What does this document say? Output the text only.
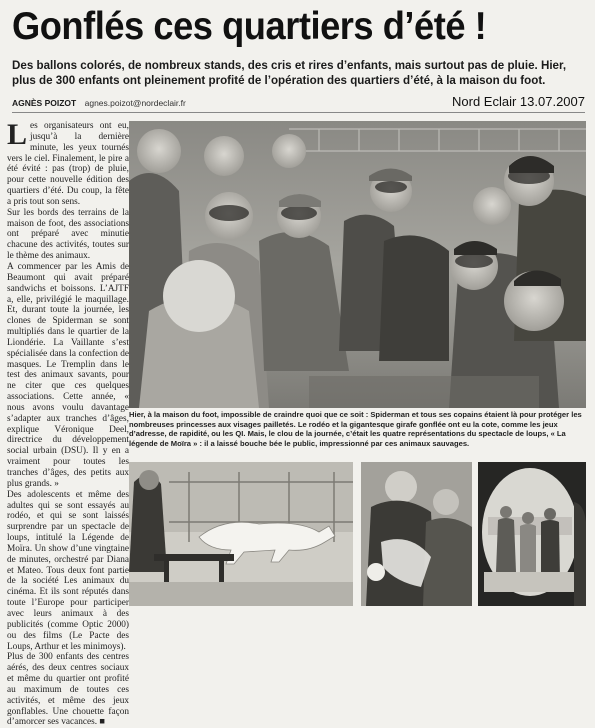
Gonflés ces quartiers d’été !
Des ballons colorés, de nombreux stands, des cris et rires d’enfants, mais surtout pas de pluie. Hier,
plus de 300 enfants ont pleinement profité de l’opération des quartiers d’été, à la maison du foot.
AGNÈS POIZOT agnes.poizot@nordeclair.fr	Nord Eclair 13.07.2007

L es organisateurs ont eu, jusqu’à la dernière minute, les yeux tournés vers le ciel. Finalement, le pire a été évité : pas (trop) de pluie, pour cette nouvelle édition des quartiers d’été. Du coup, la fête a pris tout son sens.

Sur les bords des terrains de la maison de foot, des associations ont préparé avec minutie chacune des activités, toutes sur le thème des animaux.

A commencer par les Amis de Beaumont qui avait préparé sandwichs et boissons. L’AJTF a, elle, privilégié le maquillage. Et, durant toute la journée, les clones de Spiderman se sont multipliés dans le quartier de la Liondérie. La Vaillante s’est spécialisée dans la confection de masques. Le Tremplin dans le test des animaux savants, pour ne citer que ces quelques associations. Cette année, « nous avons voulu davantage s’adapter aux tranches d’âges, explique Véronique Deel, directrice du développement social urbain (DSU). Il y en a vraiment pour toutes les tranches d’âges, des petits aux plus grands. »

Des adolescents et même des adultes qui se sont essayés au rodéo, et qui se sont laissés surprendre par un spectacle de loups, intitulé la Légende de Moïra. Un show d’une vingtaine de minutes, orchestré par Diana et Mateo. Tous deux font partie de la société Les animaux du cinéma. Et ils sont réputés dans toute l’Europe pour participer avec leurs animaux à des publicités (comme Optic 2000) ou des films (Le Pacte des Loups, Arthur et les minimoys).

Plus de 300 enfants des centres aérés, des deux centres sociaux et même du quartier ont profité au maximum de toutes ces activités, et même des jeux gonflables. Une chouette façon d’amorcer ses vacances. ■

Hier, à la maison du foot, impossible de craindre quoi que ce soit : Spiderman et tous ses copains étaient là pour protéger les nombreuses princesses aux visages pailletés. Le rodéo et la gigantesque girafe gonflée ont eu la cote, comme les jeux d’adresse, de rapidité, ou les QI. Mais, le clou de la journée, c’était les quatre représentations du spectacle de loups, « La légende de Moïra » : il a laissé bouche bée le public, impressionné par ces animaux sauvages.
